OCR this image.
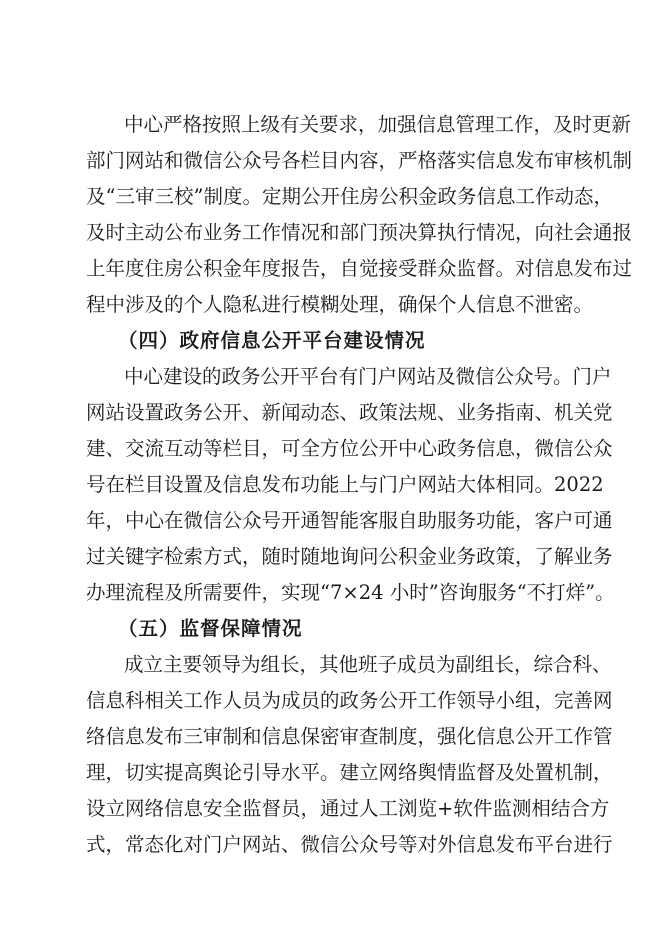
中心严格按照上级有关要求，加强信息管理工作，及时更新
部门网站和微信公众号各栏目内容，严格落实信息发布审核机制
及“三审三校”制度。定期公开住房公积金政务信息工作动态，
及时主动公布业务工作情况和部门预决算执行情况，向社会通报
上年度住房公积金年度报告，自觉接受群众监督。对信息发布过
程中涉及的个人隐私进行模糊处理，确保个人信息不泄密。
（四）政府信息公开平台建设情况
中心建设的政务公开平台有门户网站及微信公众号。门户
网站设置政务公开、新闻动态、政策法规、业务指南、机关党
建、交流互动等栏目，可全方位公开中心政务信息，微信公众
号在栏目设置及信息发布功能上与门户网站大体相同。2022
年，中心在微信公众号开通智能客服自助服务功能，客户可通
过关键字检索方式，随时随地询问公积金业务政策，了解业务
办理流程及所需要件，实现“7×24 小时”咨询服务“不打烊”。
（五）监督保障情况
成立主要领导为组长，其他班子成员为副组长，综合科、
信息科相关工作人员为成员的政务公开工作领导小组，完善网
络信息发布三审制和信息保密审查制度，强化信息公开工作管
理，切实提高舆论引导水平。建立网络舆情监督及处置机制，
设立网络信息安全监督员，通过人工浏览+软件监测相结合方
式，常态化对门户网站、微信公众号等对外信息发布平台进行
